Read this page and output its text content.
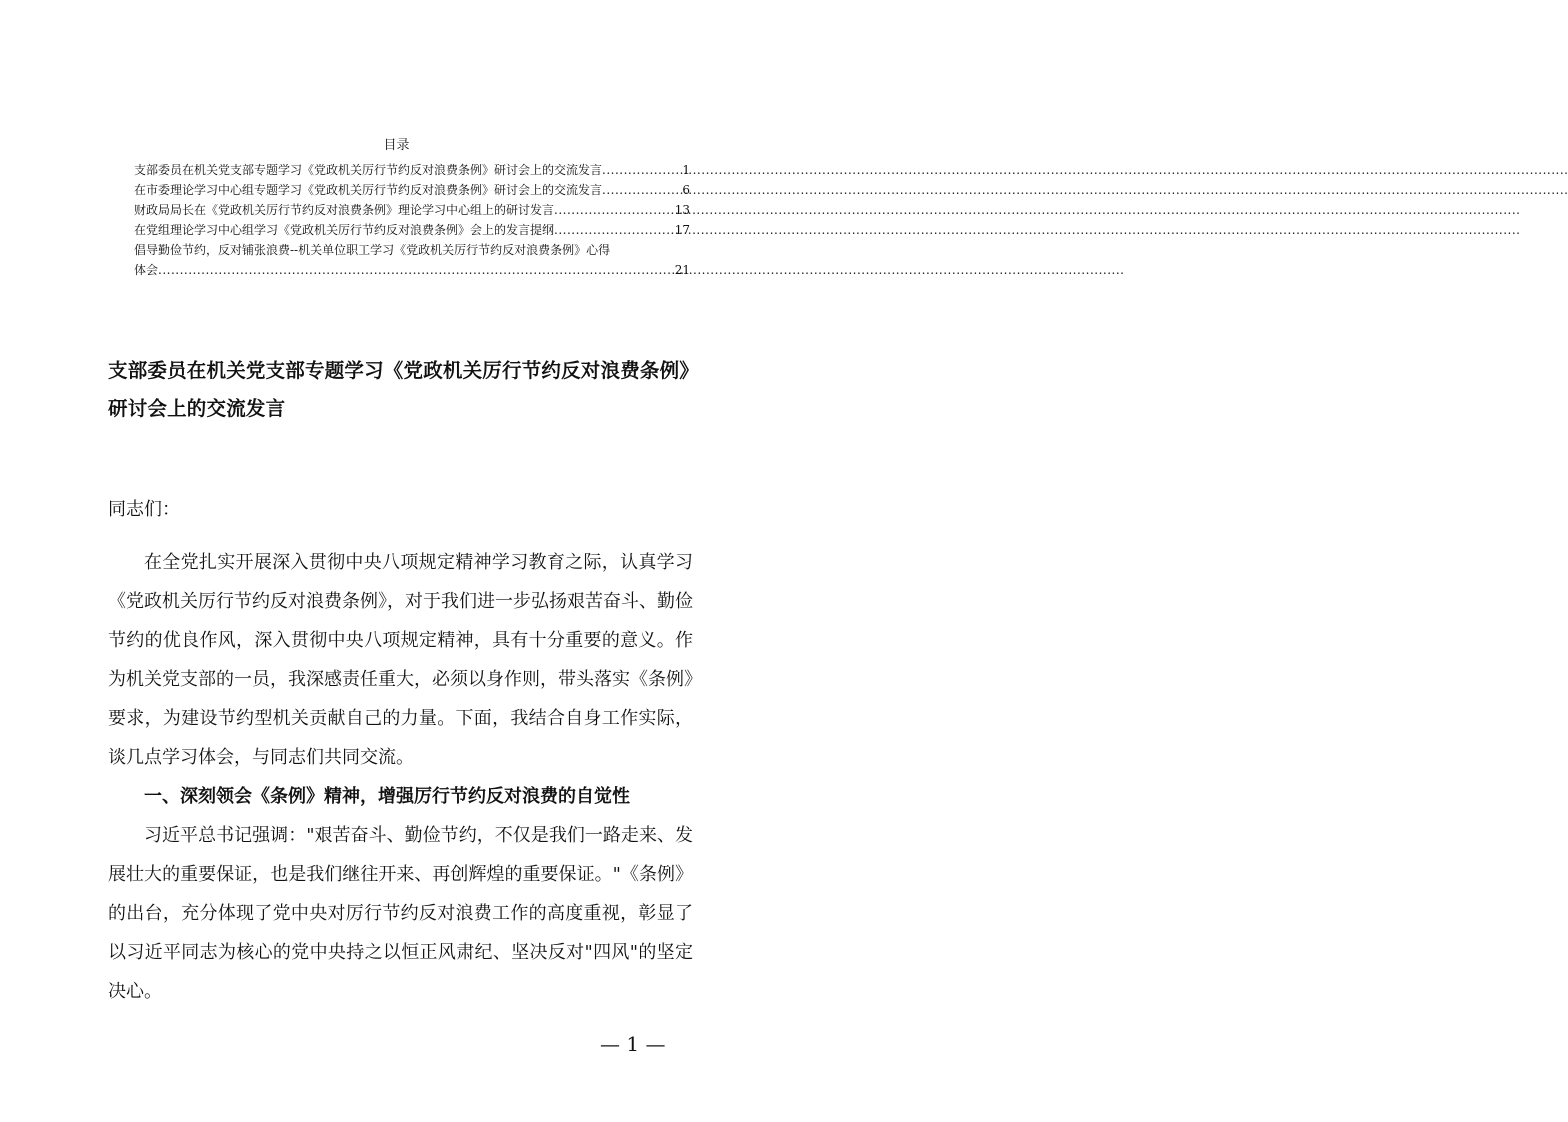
目录
支部委员在机关党支部专题学习《党政机关厉行节约反对浪费条例》研讨会上的交流发言 .....	1
在市委理论学习中心组专题学习《党政机关厉行节约反对浪费条例》研讨会上的交流发言 .....	6
财政局局长在《党政机关厉行节约反对浪费条例》理论学习中心组上的研讨发言 .....	13
在党组理论学习中心组学习《党政机关厉行节约反对浪费条例》会上的发言提纲 .....	17
倡导勤俭节约，反对铺张浪费--机关单位职工学习《党政机关厉行节约反对浪费条例》心得
体会 .....	21
支部委员在机关党支部专题学习《党政机关厉行节约反对浪费条例》研讨会上的交流发言

同志们：

在全党扎实开展深入贯彻中央八项规定精神学习教育之际，认真学习《党政机关厉行节约反对浪费条例》，对于我们进一步弘扬艰苦奋斗、勤俭节约的优良作风，深入贯彻中央八项规定精神，具有十分重要的意义。作为机关党支部的一员，我深感责任重大，必须以身作则，带头落实《条例》要求，为建设节约型机关贡献自己的力量。下面，我结合自身工作实际，谈几点学习体会，与同志们共同交流。

一、深刻领会《条例》精神，增强厉行节约反对浪费的自觉性

习近平总书记强调："艰苦奋斗、勤俭节约，不仅是我们一路走来、发展壮大的重要保证，也是我们继往开来、再创辉煌的重要保证。"《条例》的出台，充分体现了党中央对厉行节约反对浪费工作的高度重视，彰显了以习近平同志为核心的党中央持之以恒正风肃纪、坚决反对"四风"的坚定决心。

— 1 —
